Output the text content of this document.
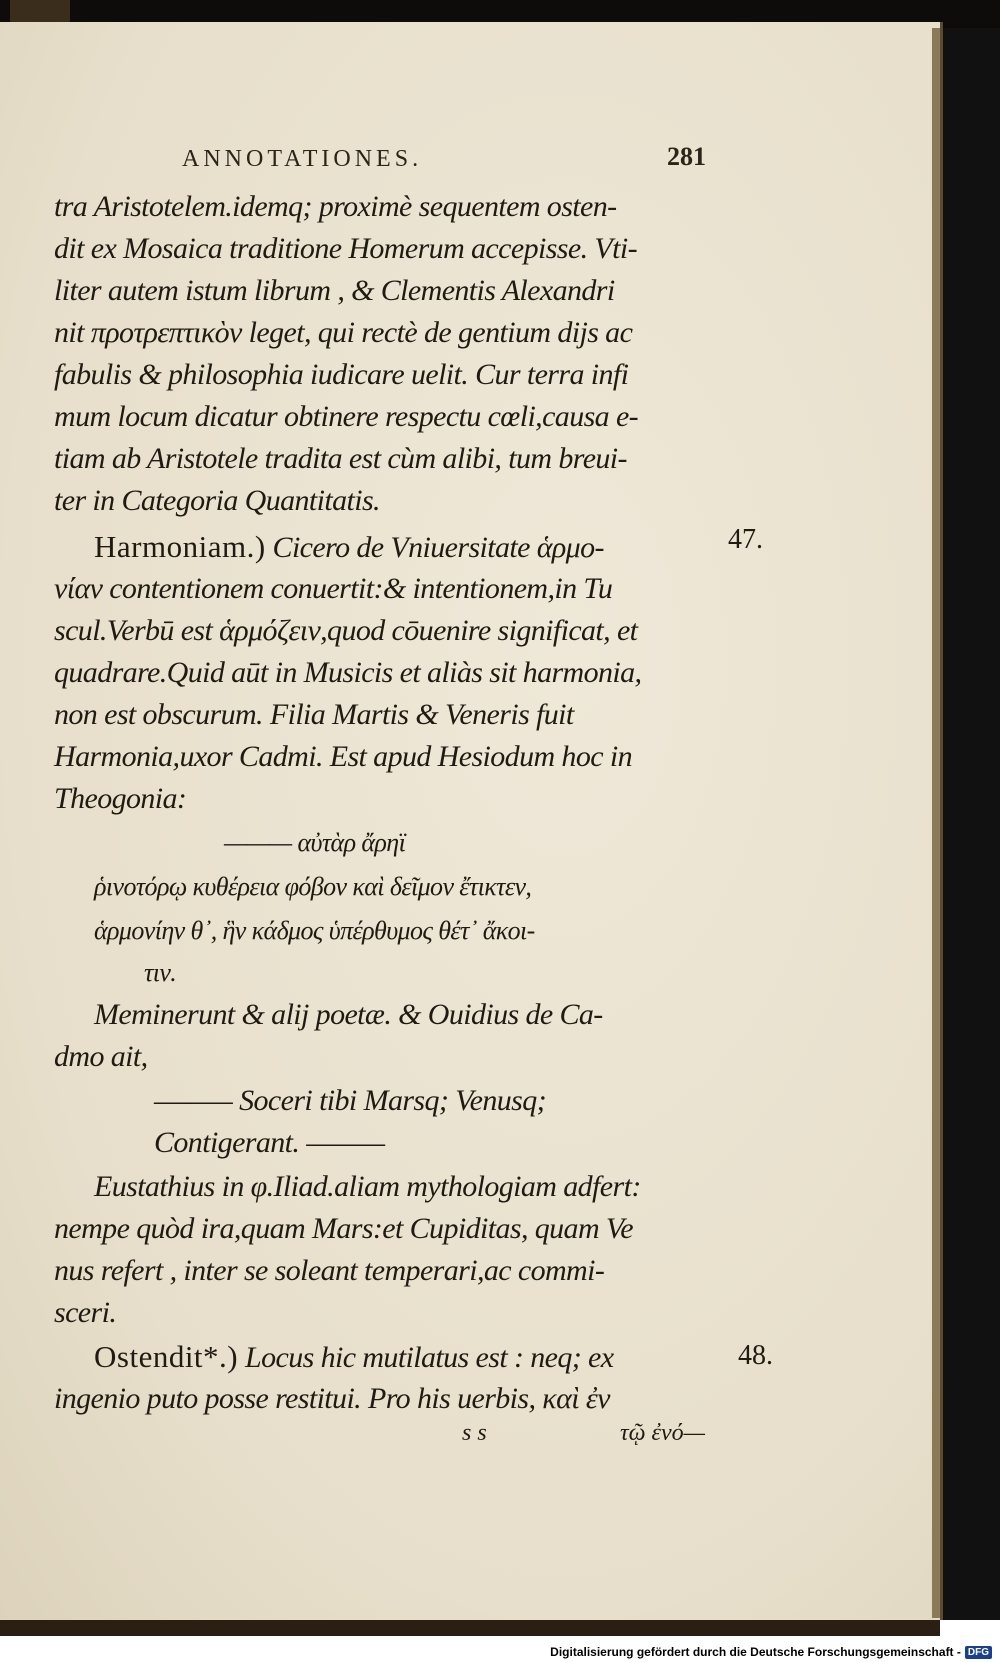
ANNOTATIONES.	281
tra Aristotelem.idemq; proximè sequentem osten-
dit ex Mosaica traditione Homerum accepisse. Vti-
liter autem istum librum , & Clementis Alexandri
nit προτρεπτικὸν leget, qui rectè de gentium dijs ac
fabulis & philosophia iudicare uelit. Cur terra infi
mum locum dicatur obtinere respectu cœli,causa e-
tiam ab Aristotele tradita est cùm alibi, tum breui-
ter in Categoria Quantitatis.
Harmoniam.) Cicero de Vniuersitate ἁρμο-
νίαν contentionem conuertit:& intentionem,in Tu
scul.Verbū est ἁρμόζειν,quod cōuenire significat, et
quadrare.Quid aūt in Musicis et aliàs sit harmonia,
non est obscurum. Filia Martis & Veneris fuit
Harmonia,uxor Cadmi. Est apud Hesiodum hoc in
Theogonia:
——— αὐτὰρ ἄρηϊ
ῥινοτόρῳ κυθέρεια φόβον καὶ δεῖμον ἔτικτεν,
ἁρμονίην θ᾽, ἣν κάδμος ὑπέρθυμος θέτ᾽ ἄκοι-
τιν.
Meminerunt & alij poetæ. & Ouidius de Ca-
dmo ait,
——— Soceri tibi Marsq; Venusq;
Contigerant. ———
Eustathius in φ.Iliad.aliam mythologiam adfert:
nempe quòd ira,quam Mars:et Cupiditas, quam Ve
nus refert , inter se soleant temperari,ac commi-
sceri.
Ostendit*.) Locus hic mutilatus est : neq; ex
ingenio puto posse restitui. Pro his uerbis, καὶ ἐν
47.
48.
s s	τῷ ἐνό—
Digitalisierung gefördert durch die Deutsche Forschungsgemeinschaft - DFG
